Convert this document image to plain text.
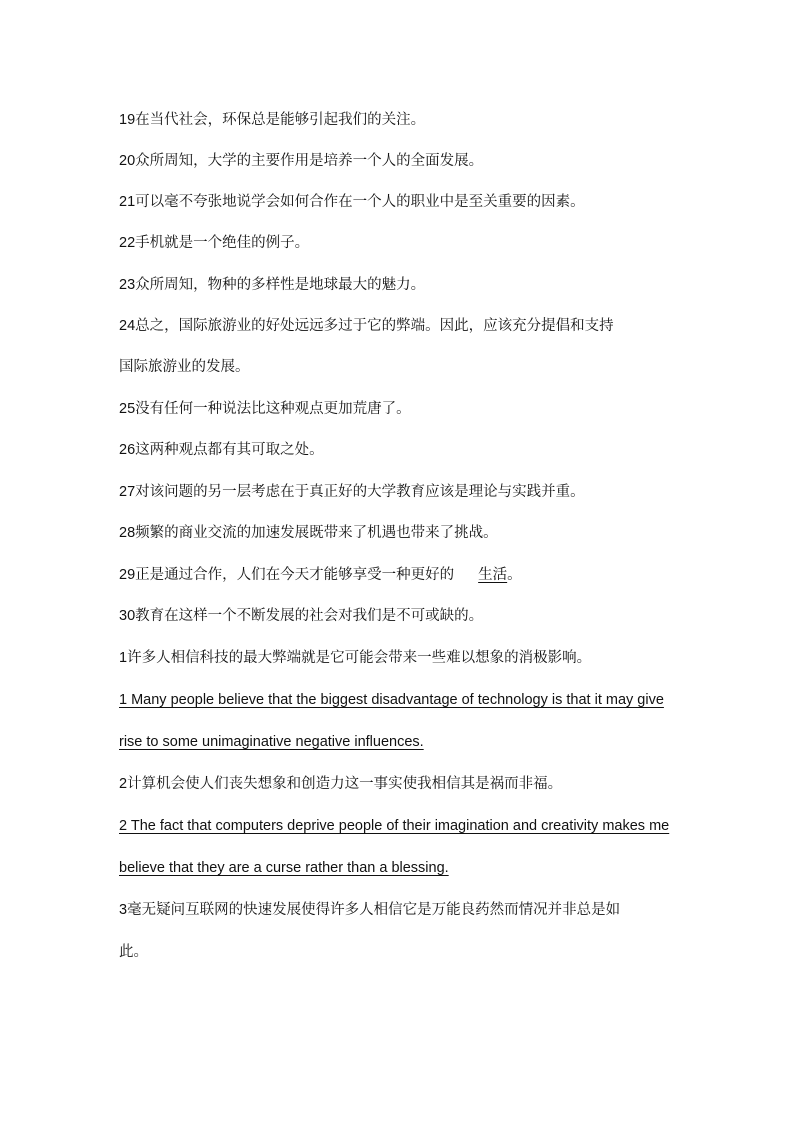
19在当代社会，环保总是能够引起我们的关注。
20众所周知，大学的主要作用是培养一个人的全面发展。
21可以毫不夸张地说学会如何合作在一个人的职业中是至关重要的因素。
22手机就是一个绝佳的例子。
23众所周知，物种的多样性是地球最大的魅力。
24总之，国际旅游业的好处远远多过于它的弊端。因此，应该充分提倡和支持
国际旅游业的发展。
25没有任何一种说法比这种观点更加荒唐了。
26这两种观点都有其可取之处。
27对该问题的另一层考虑在于真正好的大学教育应该是理论与实践并重。
28频繁的商业交流的加速发展既带来了机遇也带来了挑战。
29正是通过合作，人们在今天才能够享受一种更好的 生活。
30教育在这样一个不断发展的社会对我们是不可或缺的。
1许多人相信科技的最大弊端就是它可能会带来一些难以想象的消极影响。
1 Many people believe that the biggest disadvantage of technology is that it may give
rise to some unimaginative negative influences.
2计算机会使人们丧失想象和创造力这一事实使我相信其是祸而非福。
2 The fact that computers deprive people of their imagination and creativity makes me
believe that they are a curse rather than a blessing.
3毫无疑问互联网的快速发展使得许多人相信它是万能良药然而情况并非总是如
此。
